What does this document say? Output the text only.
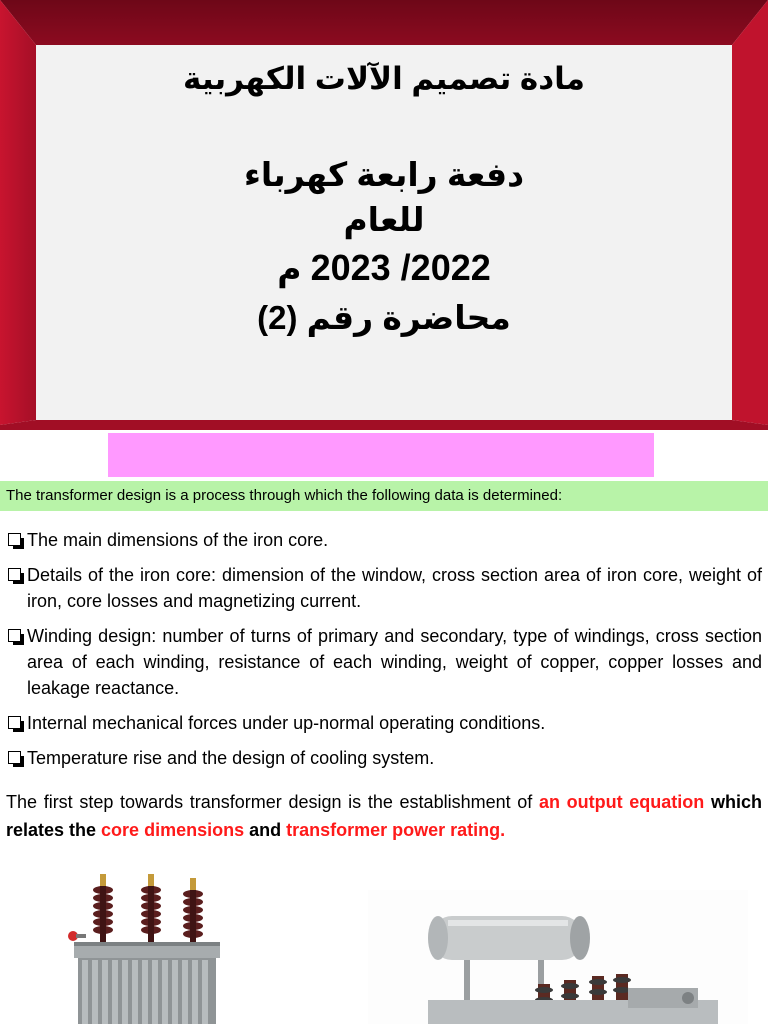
مادة تصميم الآلات الكهربية
دفعة رابعة كهرباء
للعام
2023 /2022 م
محاضرة رقم (2)
The transformer design is a process through which the following data is determined:
The main dimensions of the iron core.
Details of the iron core: dimension of the window, cross section area of iron core, weight of iron, core losses and magnetizing current.
Winding design: number of turns of primary and secondary, type of windings, cross section area of each winding, resistance of each winding, weight of copper, copper losses and leakage reactance.
Internal mechanical forces under up-normal operating conditions.
Temperature rise and the design of cooling system.
The first step towards transformer design is the establishment of an output equation which relates the core dimensions and transformer power rating.
